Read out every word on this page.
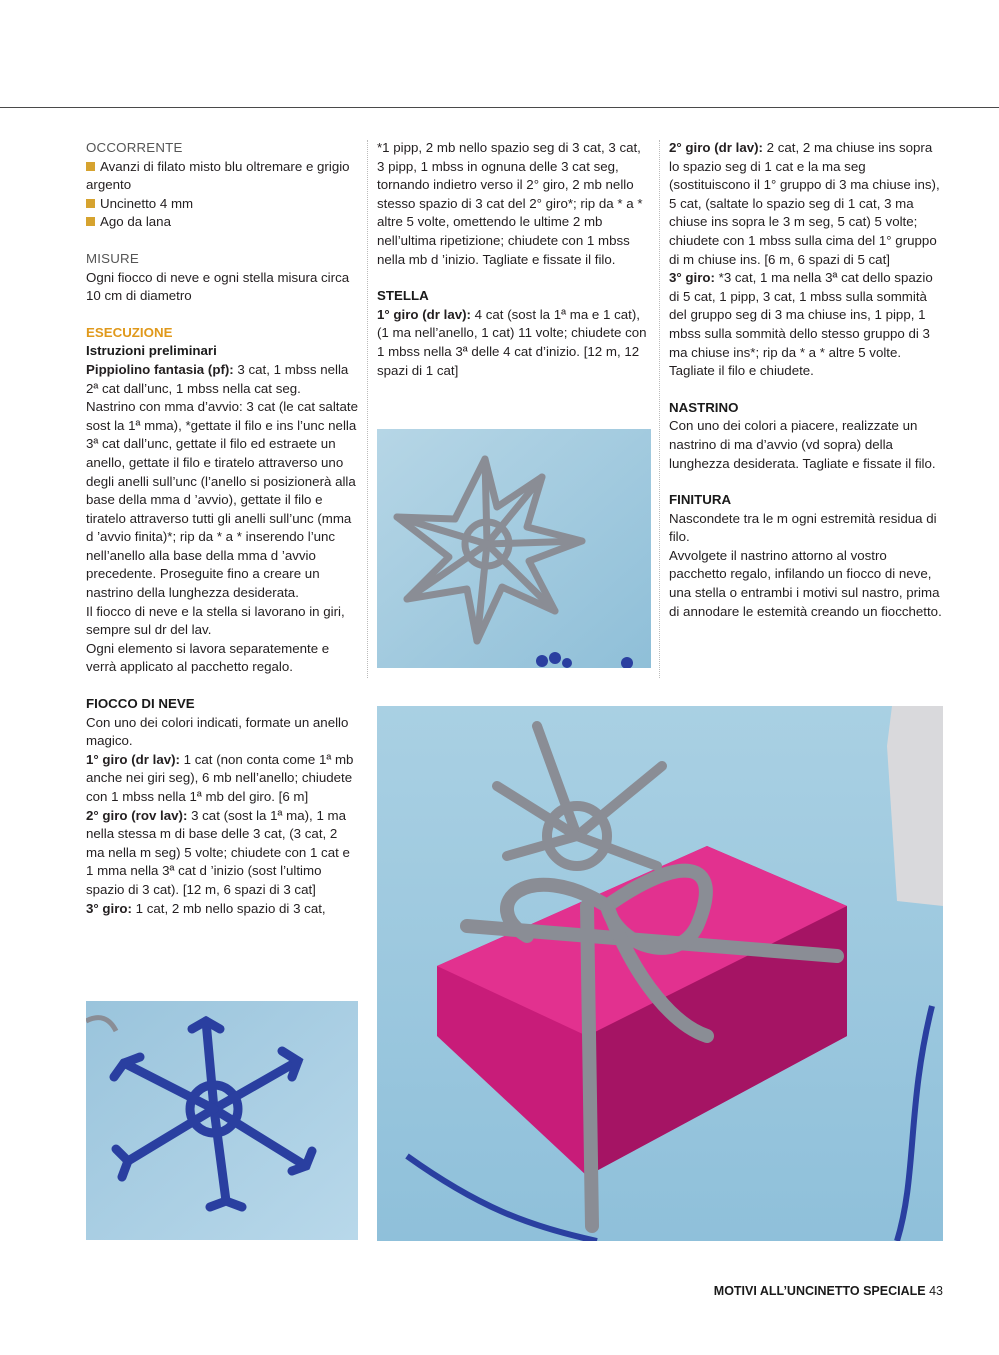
OCCORRENTE

Avanzi di filato misto blu oltremare e grigio argento

Uncinetto 4 mm

Ago da lana

MISURE

Ogni fiocco di neve e ogni stella misura circa 10 cm di diametro

ESECUZIONE

Istruzioni preliminari

Pippiolino fantasia (pf): 3 cat, 1 mbss nella 2ª cat dall’unc, 1 mbss nella cat seg.

Nastrino con mma d’avvio: 3 cat (le cat saltate sost la 1ª mma), *gettate il filo e ins l’unc nella 3ª cat dall’unc, gettate il filo ed estraete un anello, gettate il filo e tiratelo attraverso uno degli anelli sull’unc (l’anello si posizionerà alla base della mma d ’avvio), gettate il filo e tiratelo attraverso tutti gli anelli sull’unc (mma d ’avvio finita)*; rip da * a * inserendo l’unc nell’anello alla base della mma d ’avvio precedente. Proseguite fino a creare un nastrino della lunghezza desiderata.

Il fiocco di neve e la stella si lavorano in giri, sempre sul dr del lav.

Ogni elemento si lavora separatemente e verrà applicato al pacchetto regalo.

FIOCCO DI NEVE

Con uno dei colori indicati, formate un anello magico.

1° giro (dr lav): 1 cat (non conta come 1ª mb anche nei giri seg), 6 mb nell’anello; chiudete con 1 mbss nella 1ª mb del giro. [6 m]

2° giro (rov lav): 3 cat (sost la 1ª ma), 1 ma nella stessa m di base delle 3 cat, (3 cat, 2 ma nella m seg) 5 volte; chiudete con 1 cat e 1 mma nella 3ª cat d ’inizio (sost l’ultimo spazio di 3 cat). [12 m, 6 spazi di 3 cat]

3° giro: 1 cat, 2 mb nello spazio di 3 cat,

*1 pipp, 2 mb nello spazio seg di 3 cat, 3 cat, 3 pipp, 1 mbss in ognuna delle 3 cat seg, tornando indietro verso il 2° giro, 2 mb nello stesso spazio di 3 cat del 2° giro*; rip da * a * altre 5 volte, omettendo le ultime 2 mb nell’ultima ripetizione; chiudete con 1 mbss nella mb d ’inizio. Tagliate e fissate il filo.

STELLA

1° giro (dr lav): 4 cat (sost la 1ª ma e 1 cat), (1 ma nell’anello, 1 cat) 11 volte; chiudete con 1 mbss nella 3ª delle 4 cat d’inizio. [12 m, 12 spazi di 1 cat]

2° giro (dr lav): 2 cat, 2 ma chiuse ins sopra lo spazio seg di 1 cat e la ma seg (sostituiscono il 1° gruppo di 3 ma chiuse ins), 5 cat, (saltate lo spazio seg di 1 cat, 3 ma chiuse ins sopra le 3 m seg, 5 cat) 5 volte; chiudete con 1 mbss sulla cima del 1° gruppo di m chiuse ins. [6 m, 6 spazi di 5 cat]

3° giro: *3 cat, 1 ma nella 3ª cat dello spazio di 5 cat, 1 pipp, 3 cat, 1 mbss sulla sommità del gruppo seg di 3 ma chiuse ins, 1 pipp, 1 mbss sulla sommità dello stesso gruppo di 3 ma chiuse ins*; rip da * a * altre 5 volte. Tagliate il filo e chiudete.

NASTRINO

Con uno dei colori a piacere, realizzate un nastrino di ma d’avvio (vd sopra) della lunghezza desiderata. Tagliate e fissate il filo.

FINITURA

Nascondete tra le m ogni estremità residua di filo.

Avvolgete il nastrino attorno al vostro pacchetto regalo, infilando un fiocco di neve, una stella o entrambi i motivi sul nastro, prima di annodare le estemità creando un fiocchetto.

MOTIVI ALL’UNCINETTO SPECIALE 43
